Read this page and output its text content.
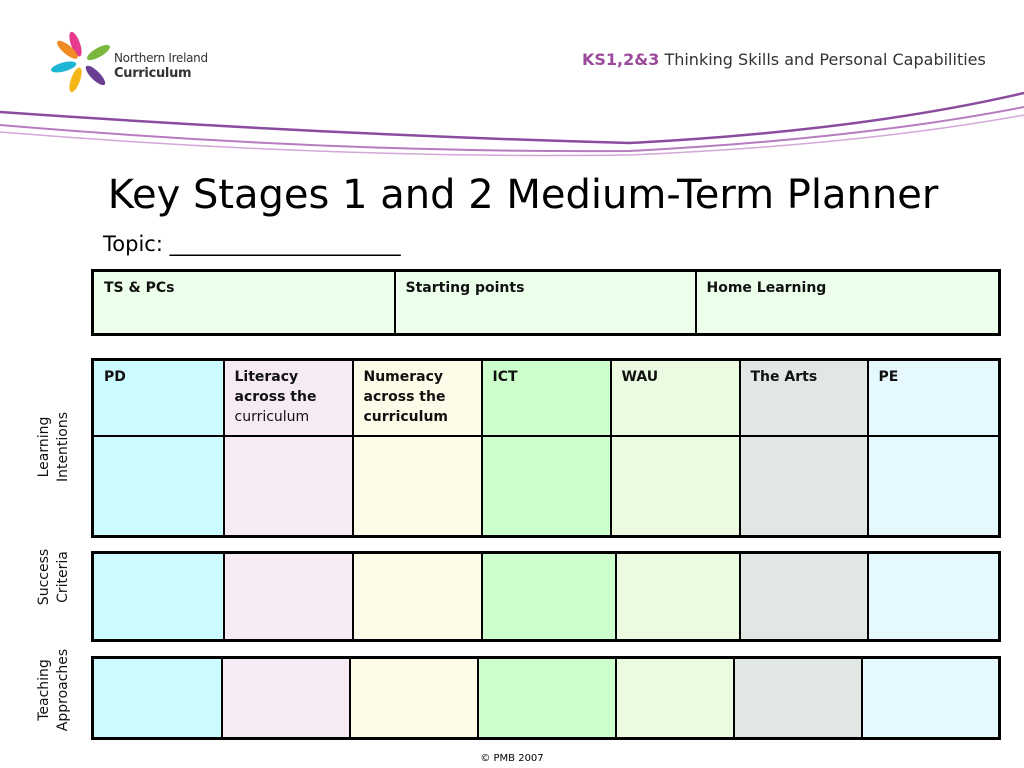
Northern Ireland
Curriculum
KS1,2&3 Thinking Skills and Personal Capabilities
Key Stages 1 and 2 Medium-Term Planner
Topic: ______________________
TS & PCs	Starting points	Home Learning
PD	Literacy across the curriculum	Numeracy across the curriculum	ICT	WAU	The Arts	PE

Learning Intentions
Success Criteria
Teaching Approaches
© PMB 2007
